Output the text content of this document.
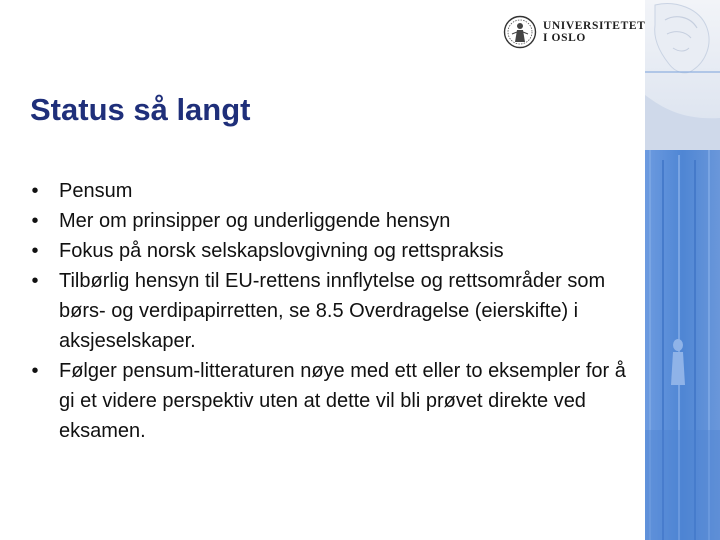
UNIVERSITETET
I OSLO
Status så langt
• Pensum
• Mer om prinsipper og underliggende hensyn
• Fokus på norsk selskapslovgivning og rettspraksis
• Tilbørlig hensyn til EU-rettens innflytelse og rettsområder som børs- og verdipapirretten, se 8.5 Overdragelse (eierskifte) i aksjeselskaper.
• Følger pensum-litteraturen nøye med ett eller to eksempler for å gi et videre perspektiv uten at dette vil bli prøvet direkte ved eksamen.
